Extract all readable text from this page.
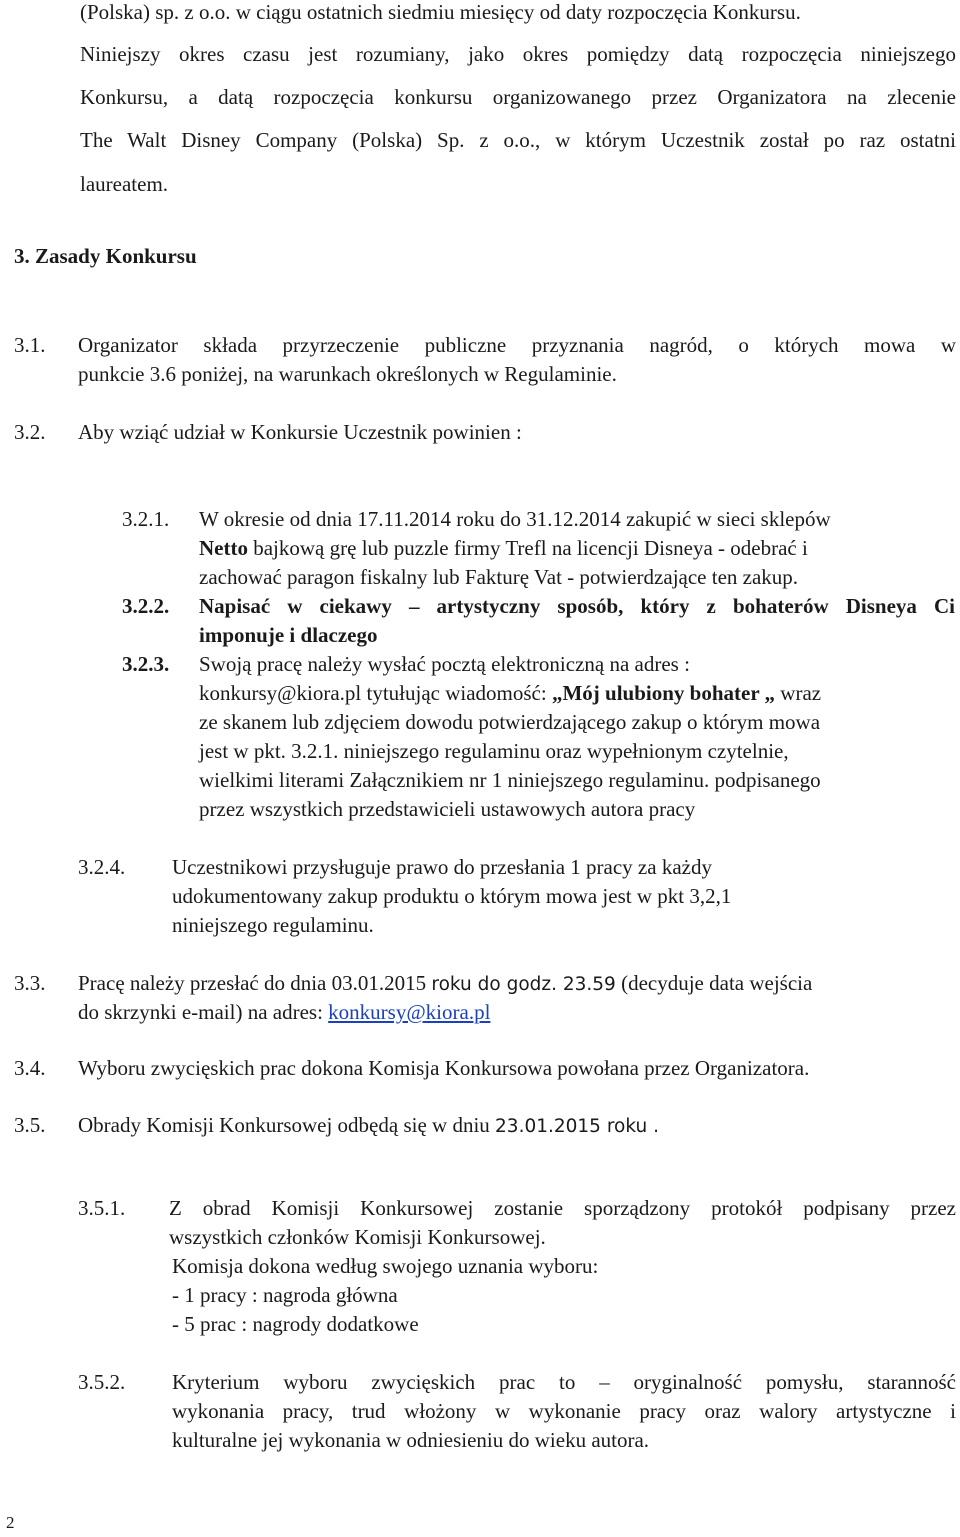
(Polska) sp. z o.o. w ciągu ostatnich siedmiu miesięcy od daty rozpoczęcia Konkursu.
Niniejszy okres czasu jest rozumiany, jako okres pomiędzy datą rozpoczęcia niniejszego
Konkursu, a datą rozpoczęcia konkursu organizowanego przez Organizatora na zlecenie
The Walt Disney Company (Polska) Sp. z o.o., w którym Uczestnik został po raz ostatni
laureatem.
3. Zasady Konkursu
3.1. Organizator składa przyrzeczenie publiczne przyznania nagród, o których mowa w
punkcie 3.6 poniżej, na warunkach określonych w Regulaminie.
3.2. Aby wziąć udział w Konkursie Uczestnik powinien :
3.2.1. W okresie od dnia 17.11.2014 roku do 31.12.2014 zakupić w sieci sklepów
Netto bajkową grę lub puzzle firmy Trefl na licencji Disneya - odebrać i
zachować paragon fiskalny lub Fakturę Vat - potwierdzające ten zakup.
3.2.2. Napisać w ciekawy – artystyczny sposób, który z bohaterów Disneya Ci
imponuje i dlaczego
3.2.3. Swoją pracę należy wysłać pocztą elektroniczną na adres :
konkursy@kiora.pl tytułując wiadomość: „Mój ulubiony bohater „ wraz
ze skanem lub zdjęciem dowodu potwierdzającego zakup o którym mowa
jest w pkt. 3.2.1. niniejszego regulaminu oraz wypełnionym czytelnie,
wielkimi literami Załącznikiem nr 1 niniejszego regulaminu. podpisanego
przez wszystkich przedstawicieli ustawowych autora pracy
3.2.4. Uczestnikowi przysługuje prawo do przesłania 1 pracy za każdy
udokumentowany zakup produktu o którym mowa jest w pkt 3,2,1
niniejszego regulaminu.
3.3. Pracę należy przesłać do dnia 03.01.2015 roku do godz. 23.59 (decyduje data wejścia
do skrzynki e-mail) na adres: konkursy@kiora.pl
3.4. Wyboru zwycięskich prac dokona Komisja Konkursowa powołana przez Organizatora.
3.5. Obrady Komisji Konkursowej odbędą się w dniu 23.01.2015 roku .
3.5.1. Z obrad Komisji Konkursowej zostanie sporządzony protokół podpisany przez
wszystkich członków Komisji Konkursowej.
Komisja dokona według swojego uznania wyboru:
- 1 pracy : nagroda główna
- 5 prac : nagrody dodatkowe
3.5.2. Kryterium wyboru zwycięskich prac to – oryginalność pomysłu, staranność
wykonania pracy, trud włożony w wykonanie pracy oraz walory artystyczne i
kulturalne jej wykonania w odniesieniu do wieku autora.
2
